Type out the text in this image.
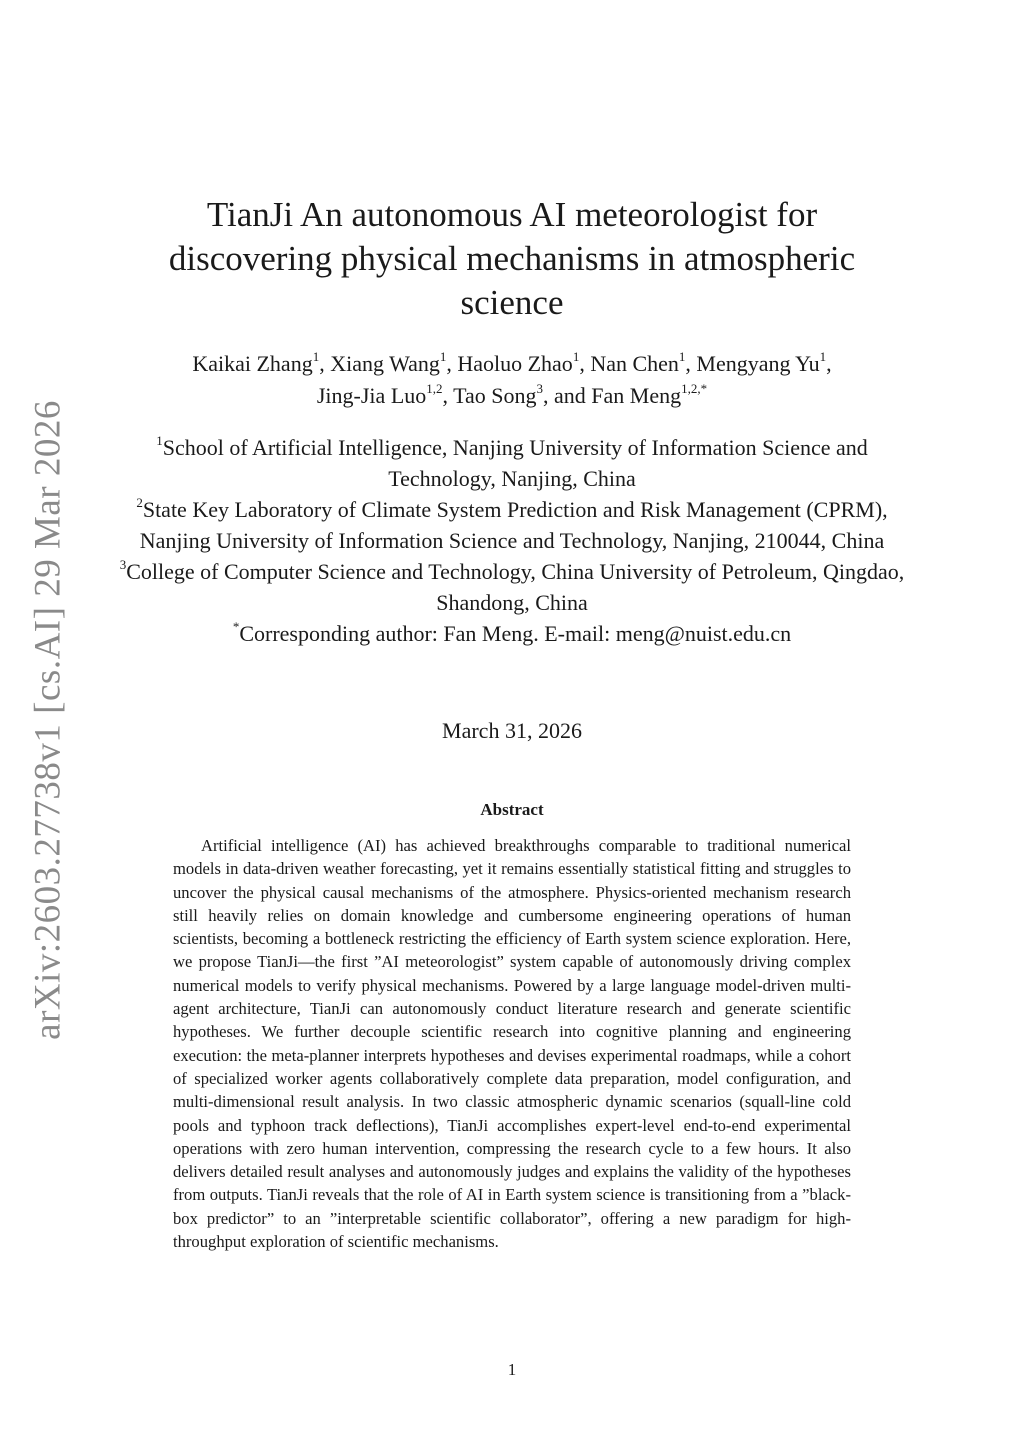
arXiv:2603.27738v1 [cs.AI] 29 Mar 2026
TianJi An autonomous AI meteorologist for discovering physical mechanisms in atmospheric science
Kaikai Zhang$^1$, Xiang Wang$^1$, Haoluo Zhao$^1$, Nan Chen$^1$, Mengyang Yu$^1$,
Jing-Jia Luo$^{1,2}$, Tao Song$^3$, and Fan Meng$^{1,2,*}$
$^1$School of Artificial Intelligence, Nanjing University of Information Science and Technology, Nanjing, China
$^2$State Key Laboratory of Climate System Prediction and Risk Management (CPRM), Nanjing University of Information Science and Technology, Nanjing, 210044, China
$^3$College of Computer Science and Technology, China University of Petroleum, Qingdao, Shandong, China
*Corresponding author: Fan Meng. E-mail: meng@nuist.edu.cn
March 31, 2026
Abstract
Artificial intelligence (AI) has achieved breakthroughs comparable to traditional numerical models in data-driven weather forecasting, yet it remains essentially statistical fitting and struggles to uncover the physical causal mechanisms of the atmosphere. Physics-oriented mechanism research still heavily relies on domain knowledge and cumbersome engineering operations of human scientists, becoming a bottleneck restricting the efficiency of Earth system science exploration. Here, we propose TianJi—the first ”AI meteorologist” system capable of autonomously driving complex numerical models to verify physical mechanisms. Powered by a large language model-driven multi-agent architecture, TianJi can autonomously conduct literature research and generate scientific hypotheses. We further decouple scientific research into cognitive planning and engineering execution: the meta-planner interprets hypotheses and devises experimental roadmaps, while a cohort of specialized worker agents collaboratively complete data preparation, model configuration, and multi-dimensional result analysis. In two classic atmospheric dynamic scenarios (squall-line cold pools and typhoon track deflections), TianJi accomplishes expert-level end-to-end experimental operations with zero human intervention, compressing the research cycle to a few hours. It also delivers detailed result analyses and autonomously judges and explains the validity of the hypotheses from outputs. TianJi reveals that the role of AI in Earth system science is transitioning from a ”black-box predictor” to an ”interpretable scientific collaborator”, offering a new paradigm for high-throughput exploration of scientific mechanisms.
1
